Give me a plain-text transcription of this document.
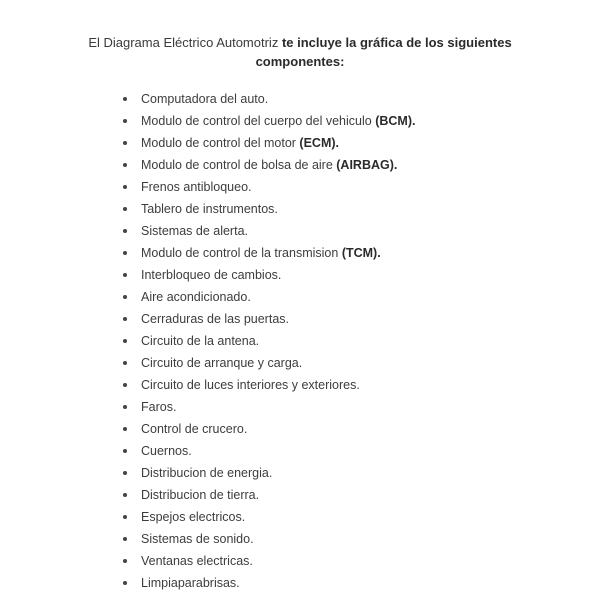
El Diagrama Eléctrico Automotriz te incluye la gráfica de los siguientes
componentes:
Computadora del auto.
Modulo de control del cuerpo del vehiculo (BCM).
Modulo de control del motor (ECM).
Modulo de control de bolsa de aire (AIRBAG).
Frenos antibloqueo.
Tablero de instrumentos.
Sistemas de alerta.
Modulo de control de la transmision (TCM).
Interbloqueo de cambios.
Aire acondicionado.
Cerraduras de las puertas.
Circuito de la antena.
Circuito de arranque y carga.
Circuito de luces interiores y exteriores.
Faros.
Control de crucero.
Cuernos.
Distribucion de energia.
Distribucion de tierra.
Espejos electricos.
Sistemas de sonido.
Ventanas electricas.
Limpiaparabrisas.
